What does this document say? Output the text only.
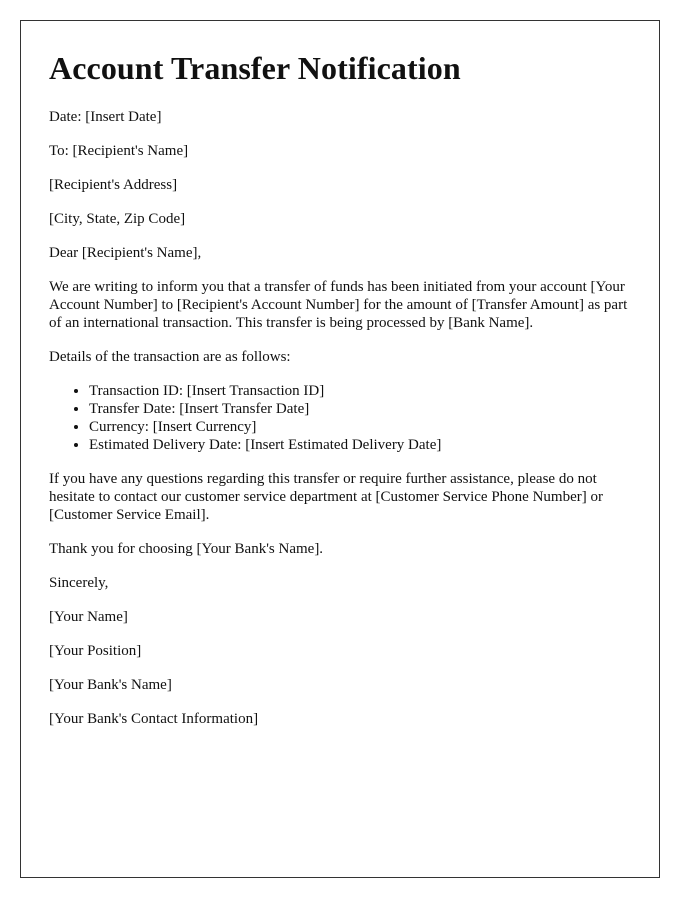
Account Transfer Notification

Date: [Insert Date]

To: [Recipient's Name]

[Recipient's Address]

[City, State, Zip Code]

Dear [Recipient's Name],

We are writing to inform you that a transfer of funds has been initiated from your account [Your Account Number] to [Recipient's Account Number] for the amount of [Transfer Amount] as part of an international transaction. This transfer is being processed by [Bank Name].

Details of the transaction are as follows:

• Transaction ID: [Insert Transaction ID]
• Transfer Date: [Insert Transfer Date]
• Currency: [Insert Currency]
• Estimated Delivery Date: [Insert Estimated Delivery Date]

If you have any questions regarding this transfer or require further assistance, please do not hesitate to contact our customer service department at [Customer Service Phone Number] or [Customer Service Email].

Thank you for choosing [Your Bank's Name].

Sincerely,

[Your Name]

[Your Position]

[Your Bank's Name]

[Your Bank's Contact Information]
